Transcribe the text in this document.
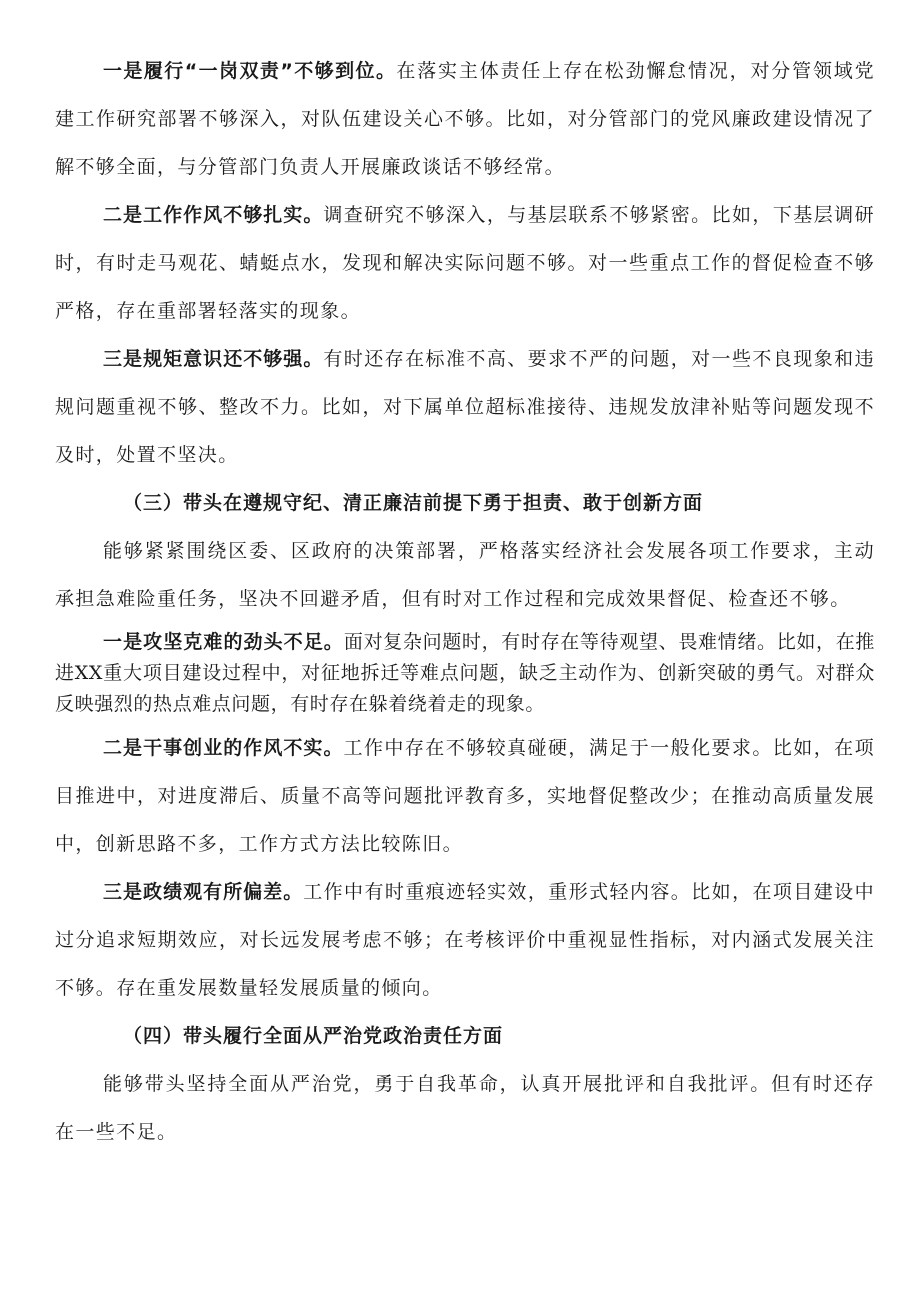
一是履行“一岗双责”不够到位。在落实主体责任上存在松劲懈怠情况，对分管领域党建工作研究部署不够深入，对队伍建设关心不够。比如，对分管部门的党风廉政建设情况了解不够全面，与分管部门负责人开展廉政谈话不够经常。

二是工作作风不够扎实。调查研究不够深入，与基层联系不够紧密。比如，下基层调研时，有时走马观花、蜻蜓点水，发现和解决实际问题不够。对一些重点工作的督促检查不够严格，存在重部署轻落实的现象。

三是规矩意识还不够强。有时还存在标准不高、要求不严的问题，对一些不良现象和违规问题重视不够、整改不力。比如，对下属单位超标准接待、违规发放津补贴等问题发现不及时，处置不坚决。

（三）带头在遵规守纪、清正廉洁前提下勇于担责、敢于创新方面

能够紧紧围绕区委、区政府的决策部署，严格落实经济社会发展各项工作要求，主动承担急难险重任务，坚决不回避矛盾，但有时对工作过程和完成效果督促、检查还不够。

一是攻坚克难的劲头不足。面对复杂问题时，有时存在等待观望、畏难情绪。比如，在推进XX重大项目建设过程中，对征地拆迁等难点问题，缺乏主动作为、创新突破的勇气。对群众反映强烈的热点难点问题，有时存在躲着绕着走的现象。

二是干事创业的作风不实。工作中存在不够较真碰硬，满足于一般化要求。比如，在项目推进中，对进度滞后、质量不高等问题批评教育多，实地督促整改少；在推动高质量发展中，创新思路不多，工作方式方法比较陈旧。

三是政绩观有所偏差。工作中有时重痕迹轻实效，重形式轻内容。比如，在项目建设中过分追求短期效应，对长远发展考虑不够；在考核评价中重视显性指标，对内涵式发展关注不够。存在重发展数量轻发展质量的倾向。

（四）带头履行全面从严治党政治责任方面

能够带头坚持全面从严治党，勇于自我革命，认真开展批评和自我批评。但有时还存在一些不足。
